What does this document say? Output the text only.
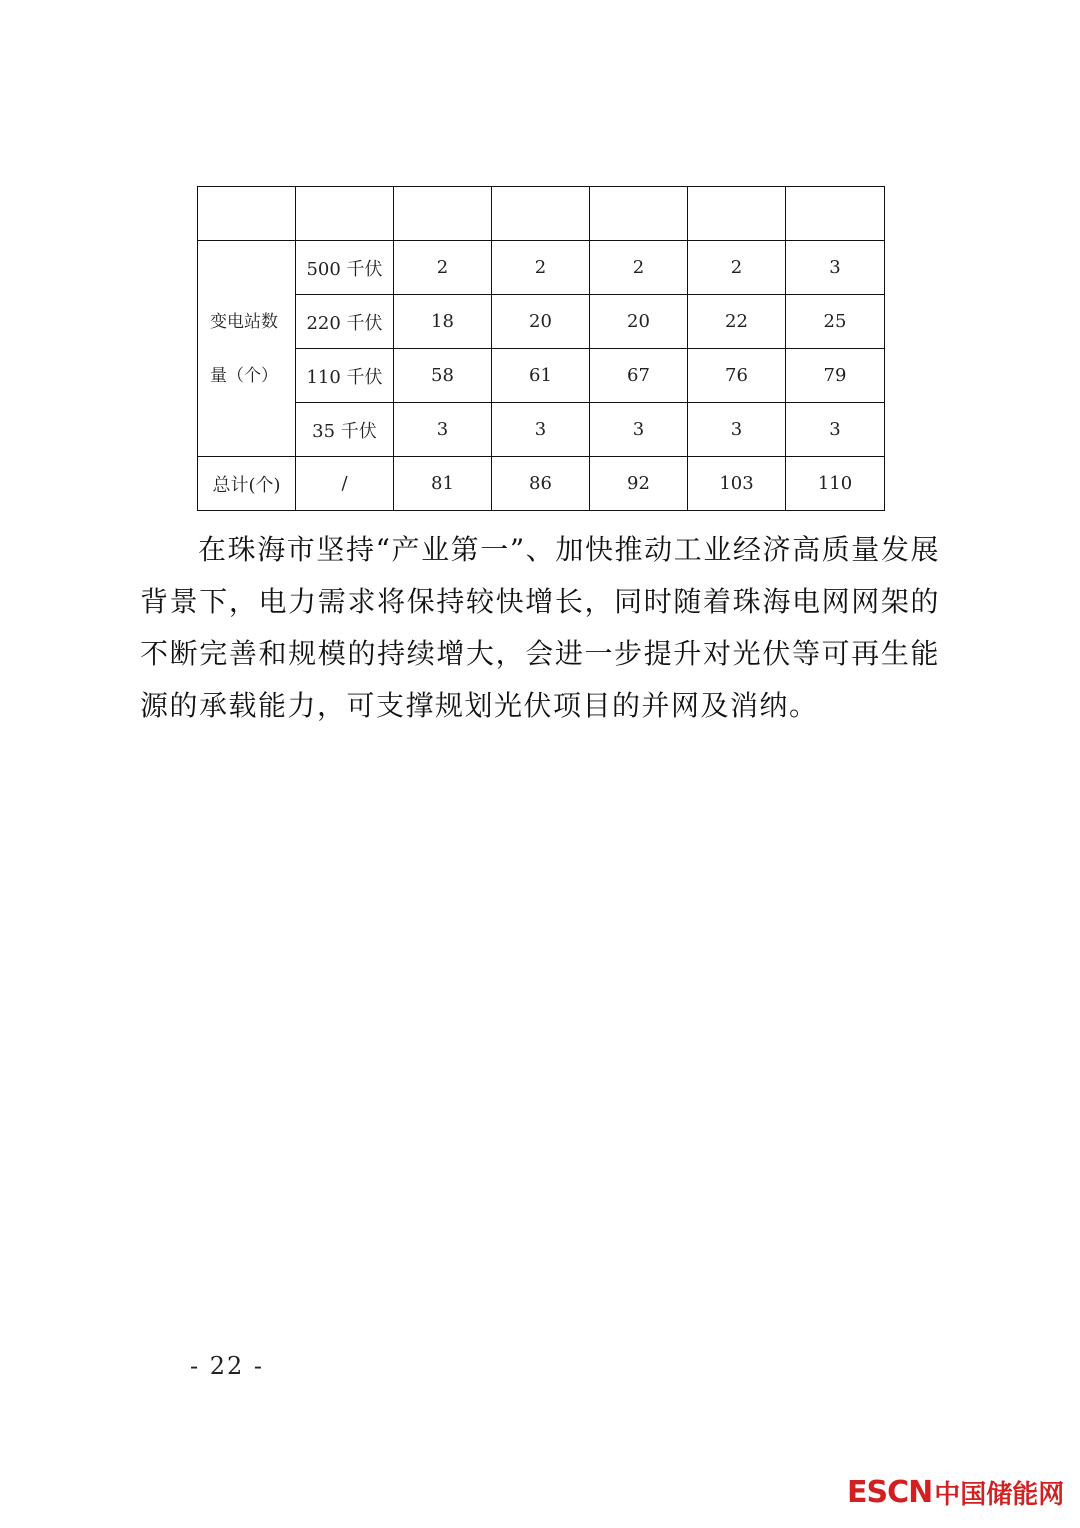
变电站数
量（个）	500 千伏	2	2	2	2	3
	220 千伏	18	20	20	22	25
	110 千伏	58	61	67	76	79
	35 千伏	3	3	3	3	3
总计(个)	/	81	86	92	103	110

在珠海市坚持“产业第一”、加快推动工业经济高质量发展背景下，电力需求将保持较快增长，同时随着珠海电网网架的不断完善和规模的持续增大，会进一步提升对光伏等可再生能源的承载能力，可支撑规划光伏项目的并网及消纳。

- 22 -
ESCN 中国储能网
